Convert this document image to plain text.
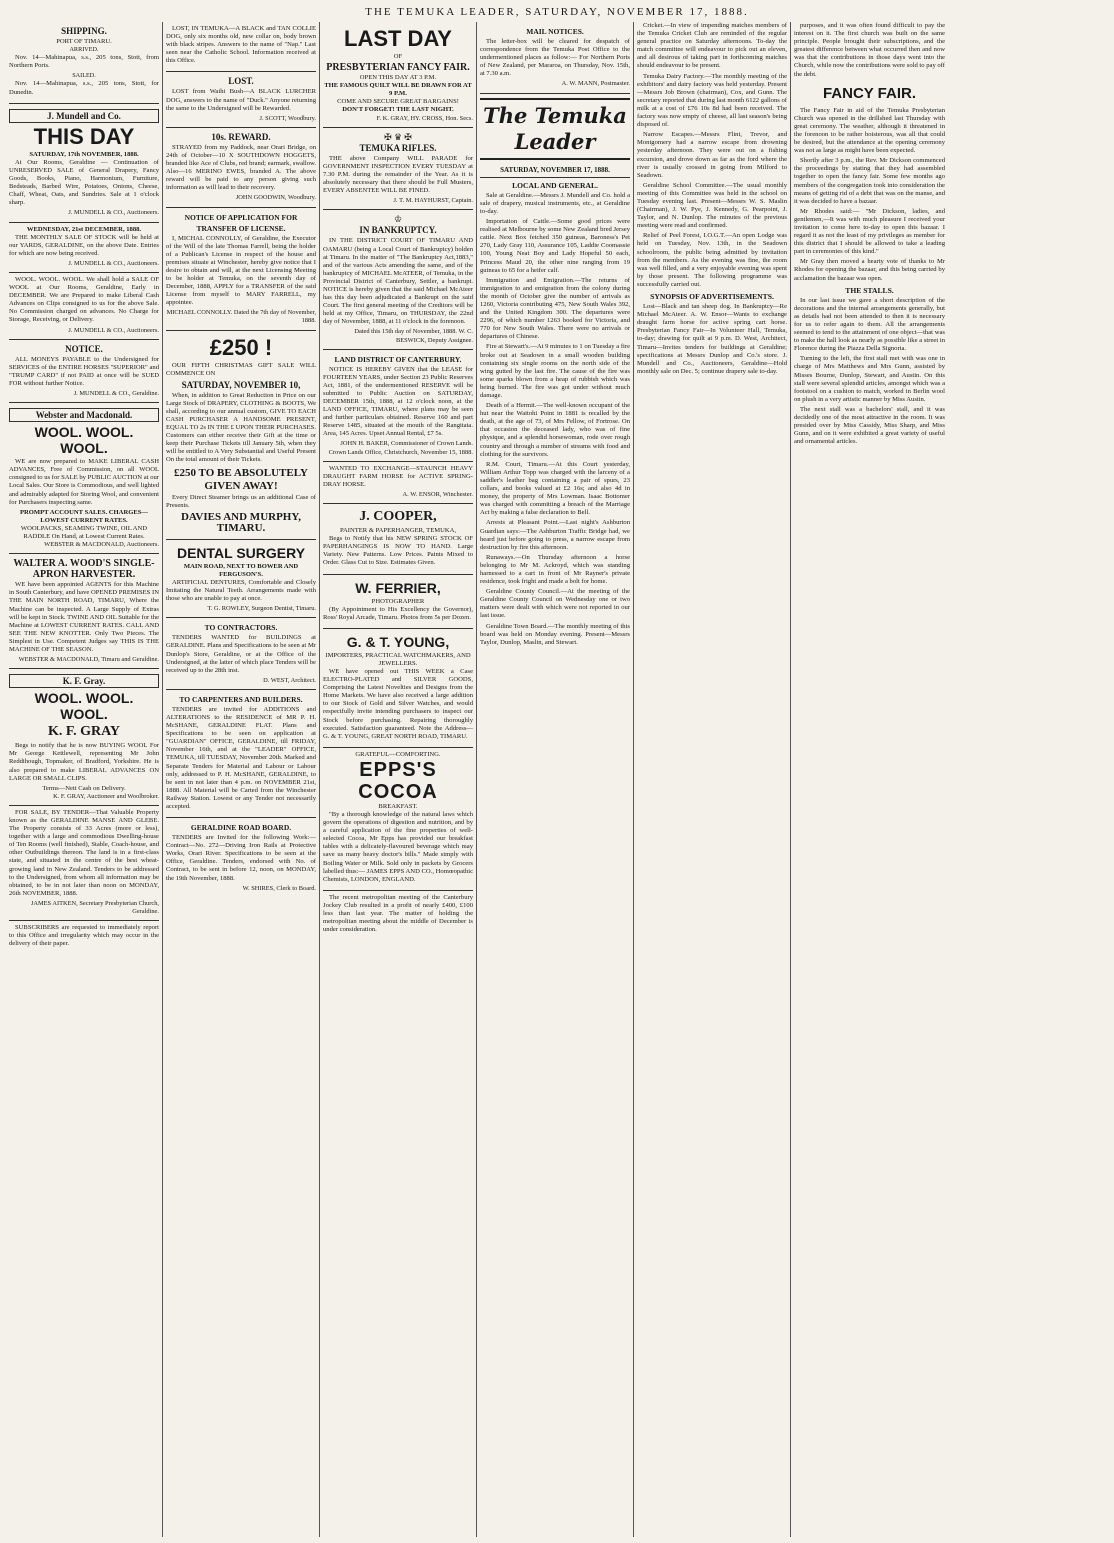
THE TEMUKA LEADER, SATURDAY, NOVEMBER 17, 1888.
SHIPPING.
PORT OF TIMARU.
ARRIVED.

Nov. 14—Mahinapua, s.s., 205 tons, Stott, from Northern Ports.

SAILED.

Nov. 14—Mahinapua, s.s., 205 tons, Stott, for Dunedin.

J. Mundell and Co.
THIS DAY
SATURDAY, 17th NOVEMBER, 1888.

At Our Rooms, Geraldine — Continuation of UNRESERVED SALE of General Drapery, Fancy Goods, Books, Piano, Harmonium, Furniture, Bedsteads, Barbed Wire, Potatoes, Onions, Cheese, Chaff, Wheat, Oats, and Sundries. Sale at 1 o'clock sharp.

J. MUNDELL & CO., Auctioneers.
WEDNESDAY, 21st DECEMBER, 1888.

THE MONTHLY SALE OF STOCK will be held at our YARDS, GERALDINE, on the above Date. Entries for which are now being received.

J. MUNDELL & CO., Auctioneers.

WOOL. WOOL. WOOL. We shall hold a SALE OF WOOL at Our Rooms, Geraldine, Early in DECEMBER. We are Prepared to make Liberal Cash Advances on Clips consigned to us for the above Sale. No Commission charged on advances. No Charge for Storage, Receiving, or Delivery.

J. MUNDELL & CO., Auctioneers.
NOTICE.

ALL MONEYS PAYABLE to the Undersigned for SERVICES of the ENTIRE HORSES "SUPERIOR" and "TRUMP CARD" if not PAID at once will be SUED FOR without further Notice.

J. MUNDELL & CO., Geraldine.
Webster and Macdonald.
WOOL. WOOL. WOOL.

WE are now prepared to MAKE LIBERAL CASH ADVANCES, Free of Commission, on all WOOL consigned to us for SALE by PUBLIC AUCTION at our Local Sales. Our Store is Commodious, and well lighted and admirably adapted for Storing Wool, and convenient for Purchasers inspecting same.

PROMPT ACCOUNT SALES. CHARGES—LOWEST CURRENT RATES.
WOOLPACKS, SEAMING TWINE, OIL AND RADDLE On Hand, at Lowest Current Rates.
WEBSTER & MACDONALD, Auctioneers.
WALTER A. WOOD'S SINGLE-APRON HARVESTER.

WE have been appointed AGENTS for this Machine in South Canterbury, and have OPENED PREMISES IN THE MAIN NORTH ROAD, TIMARU, Where the Machine can be inspected. A Large Supply of Extras will be kept in Stock. TWINE AND OIL Suitable for the Machine at LOWEST CURRENT RATES. CALL AND SEE THE NEW KNOTTER. Only Two Pieces. The Simplest in Use. Competent Judges say THIS IS THE MACHINE OF THE SEASON.

WEBSTER & MACDONALD, Timaru and Geraldine.
K. F. Gray.
WOOL. WOOL. WOOL.
K. F. GRAY

Begs to notify that he is now BUYING WOOL For Mr George Kettlewell, representing Mr John Reddihough, Topmaker, of Bradford, Yorkshire. He is also prepared to make LIBERAL ADVANCES ON LARGE OR SMALL CLIPS.

Terms—Nett Cash on Delivery.
K. F. GRAY, Auctioneer and Woolbroker.

FOR SALE, BY TENDER—That Valuable Property known as the GERALDINE MANSE AND GLEBE. The Property consists of 33 Acres (more or less), together with a large and commodious Dwelling-house of Ten Rooms (well finished), Stable, Coach-house, and other Outbuildings thereon. The land is in a first-class state, and situated in the centre of the best wheat-growing land in New Zealand. Tenders to be addressed to the Undersigned, from whom all information may be obtained, to be in not later than noon on MONDAY, 26th NOVEMBER, 1888.

JAMES AITKEN, Secretary Presbyterian Church, Geraldine.

SUBSCRIBERS are requested to immediately report to this Office and irregularity which may occur in the delivery of their paper.

LOST, IN TEMUKA—A BLACK and TAN COLLIE DOG, only six months old, new collar on, body brown with black stripes. Answers to the name of "Nap." Last seen near the Catholic School. Information received at this Office.

LOST.

LOST from Waihi Bush—A BLACK LURCHER DOG, answers to the name of "Duck." Anyone returning the same to the Undersigned will be Rewarded.

J. SCOTT, Woodbury.
10s. REWARD.

STRAYED from my Paddock, near Orari Bridge, on 24th of October—10 X SOUTHDOWN HOGGETS, branded like Ace of Clubs, red brand; earmark, swallow. Also—16 MERINO EWES, branded A. The above reward will be paid to any person giving such information as will lead to their recovery.

JOHN GOODWIN, Woodbury.
NOTICE OF APPLICATION FOR TRANSFER OF LICENSE.

I, MICHAL CONNOLLY, of Geraldine, the Executor of the Will of the late Thomas Farrell, being the holder of a Publican's License in respect of the house and premises situate at Winchester, hereby give notice that I desire to obtain and will, at the next Licensing Meeting to be holder at Temuka, on the seventh day of December, 1888, APPLY for a TRANSFER of the said License from myself to MARY FARRELL, my appointee.

MICHAEL CONNOLLY. Dated the 7th day of November, 1888.
£250 !

OUR FIFTH CHRISTMAS GIFT SALE WILL COMMENCE ON

SATURDAY, NOVEMBER 10,

When, in addition to Great Reduction in Price on our Large Stock of DRAPERY, CLOTHING & BOOTS, We shall, according to our annual custom, GIVE TO EACH CASH PURCHASER A HANDSOME PRESENT, EQUAL TO 2s IN THE £ UPON THEIR PURCHASES. Customers can either receive their Gift at the time or keep their Purchase Tickets till January 5th, when they will be entitled to A Very Substantial and Useful Present On the total amount of their Tickets.

£250 TO BE ABSOLUTELY GIVEN AWAY!

Every Direct Steamer brings us an additional Case of Presents.

DAVIES AND MURPHY, TIMARU.
DENTAL SURGERY
MAIN ROAD, NEXT TO BOWER AND FERGUSON'S.

ARTIFICIAL DENTURES, Comfortable and Closely Imitating the Natural Teeth. Arrangements made with those who are unable to pay at once.

T. G. ROWLEY, Surgeon Dentist, Timaru.
TO CONTRACTORS.

TENDERS WANTED for BUILDINGS at GERALDINE. Plans and Specifications to be seen at Mr Dunlop's Store, Geraldine, or at the Office of the Undersigned, at the latter of which place Tenders will be received up to the 28th inst.

D. WEST, Architect.
TO CARPENTERS AND BUILDERS.

TENDERS are invited for ADDITIONS and ALTERATIONS to the RESIDENCE of MR P. H. McSHANE, GERALDINE FLAT. Plans and Specifications to be seen on application at "GUARDIAN" OFFICE, GERALDINE, till FRIDAY, November 16th, and at the "LEADER" OFFICE, TEMUKA, till TUESDAY, November 20th. Marked and Separate Tenders for Material and Labour or Labour only, addressed to P. H. McSHANE, GERALDINE, to be sent in not later than 4 p.m. on NOVEMBER 21st, 1888. All Material will be Carted from the Winchester Railway Station. Lowest or any Tender not necessarily accepted.

GERALDINE ROAD BOARD.

TENDERS are Invited for the following Work:— Contract—No. 272—Driving Iron Rails at Protective Works, Orari River. Specifications to be seen at the Office, Geraldine. Tenders, endorsed with No. of Contract, to be sent in before 12, noon, on MONDAY, the 19th November, 1888.

W. SHIRES, Clerk to Board.
LAST DAY
OF
PRESBYTERIAN FANCY FAIR.
OPEN THIS DAY AT 3 P.M.
THE FAMOUS QUILT WILL BE DRAWN FOR AT 9 P.M.
COME AND SECURE GREAT BARGAINS!
DON'T FORGET! THE LAST NIGHT.
F. K. GRAY, HY. CROSS, Hon. Secs.
✠ ♛ ✠
TEMUKA RIFLES.

THE above Company WILL PARADE for GOVERNMENT INSPECTION EVERY TUESDAY at 7.30 P.M. during the remainder of the Year. As it is absolutely necessary that there should be Full Musters, EVERY ABSENTEE WILL BE FINED.

J. T. M. HAYHURST, Captain.
♔
IN BANKRUPTCY.

IN THE DISTRICT COURT OF TIMARU AND OAMARU (being a Local Court of Bankruptcy) holden at Timaru. In the matter of "The Bankruptcy Act,1883," and of the various Acts amending the same, and of the bankruptcy of MICHAEL McATEER, of Temuka, in the Provincial District of Canterbury, Settler, a bankrupt. NOTICE is hereby given that the said Michael McAteer has this day been adjudicated a Bankrupt on the said Court. The first general meeting of the Creditors will be held at my Office, Timaru, on THURSDAY, the 22nd day of November, 1888, at 11 o'clock in the forenoon.

Dated this 15th day of November, 1888. W. C. BESWICK, Deputy Assignee.
LAND DISTRICT OF CANTERBURY.

NOTICE IS HEREBY GIVEN that the LEASE for FOURTEEN YEARS, under Section 23 Public Reserves Act, 1881, of the undermentioned RESERVE will be submitted to Public Auction on SATURDAY, DECEMBER 15th, 1888, at 12 o'clock noon, at the LAND OFFICE, TIMARU, where plans may be seen and further particulars obtained. Reserve 160 and part Reserve 1485, situated at the mouth of the Rangitata. Area, 145 Acres. Upset Annual Rental, £7 5s.

JOHN H. BAKER, Commissioner of Crown Lands. Crown Lands Office, Christchurch, November 15, 1888.

WANTED TO EXCHANGE—STAUNCH HEAVY DRAUGHT FARM HORSE for ACTIVE SPRING-DRAY HORSE.

A. W. ENSOR, Winchester.
J. COOPER,
PAINTER & PAPERHANGER, TEMUKA,

Begs to Notify that his NEW SPRING STOCK OF PAPERHANGINGS IS NOW TO HAND. Large Variety. New Patterns. Low Prices. Paints Mixed to Order. Glass Cut to Size. Estimates Given.

W. FERRIER,
PHOTOGRAPHER

(By Appointment to His Excellency the Governor), Ross' Royal Arcade, Timaru. Photos from 5s per Dozen.

G. & T. YOUNG,
IMPORTERS, PRACTICAL WATCHMAKERS, AND JEWELLERS.

WE have opened out THIS WEEK a Case ELECTRO-PLATED and SILVER GOODS, Comprising the Latest Novelties and Designs from the Home Markets. We have also received a large addition to our Stock of Gold and Silver Watches, and would respectfully invite intending purchasers to inspect our Stock before purchasing. Repairing thoroughly executed. Satisfaction guaranteed. Note the Address— G. & T. YOUNG, GREAT NORTH ROAD, TIMARU.

GRATEFUL—COMFORTING.
EPPS'S COCOA
BREAKFAST.

"By a thorough knowledge of the natural laws which govern the operations of digestion and nutrition, and by a careful application of the fine properties of well-selected Cocoa, Mr Epps has provided our breakfast tables with a delicately-flavoured beverage which may save us many heavy doctor's bills." Made simply with Boiling Water or Milk. Sold only in packets by Grocers labelled thus:— JAMES EPPS AND CO., Homœopathic Chemists, LONDON, ENGLAND.

The recent metropolitan meeting of the Canterbury Jockey Club resulted in a profit of nearly £400, £100 less than last year. The matter of holding the metropolitan meeting about the middle of December is under consideration.

MAIL NOTICES.

The letter-box will be cleared for despatch of correspondence from the Temuka Post Office to the undermentioned places as follow:— For Northern Ports of New Zealand, per Mararoa, on Thursday, Nov. 15th, at 7.30 a.m.

A. W. MANN, Postmaster.
The Temuka Leader
SATURDAY, NOVEMBER 17, 1888.
LOCAL AND GENERAL.

Sale at Geraldine.—Messrs J. Mundell and Co. hold a sale of drapery, musical instruments, etc., at Geraldine to-day.

Importation of Cattle.—Some good prices were realised at Melbourne by some New Zealand bred Jersey cattle. Next Box fetched 350 guineas, Baroness's Pet 270, Lady Gray 110, Assurance 105, Laddie Coomassie 100, Young Neat Boy and Lady Hopeful 50 each, Princess Maud 20, the other nine ranging from 19 guineas to 65 for a heifer calf.

Immigration and Emigration.—The returns of immigration to and emigration from the colony during the month of October give the number of arrivals as 1260, Victoria contributing 475, New South Wales 392, and the United Kingdom 300. The departures were 2296, of which number 1263 booked for Victoria, and 770 for New South Wales. There were no arrivals or departures of Chinese.

Fire at Stewart's.—At 9 minutes to 1 on Tuesday a fire broke out at Seadown in a small wooden building containing six single rooms on the north side of the wing gutted by the last fire. The cause of the fire was some sparks blown from a heap of rubbish which was being burned. The fire was got under without much damage.

Death of a Hermit.—The well-known occupant of the hut near the Waitohi Point in 1881 is recalled by the death, at the age of 73, of Mrs Fellow, of Fortrose. On that occasion the deceased lady, who was of fine physique, and a splendid horsewoman, rode over rough country and through a number of streams with food and clothing for the survivors.

R.M. Court, Timaru.—At this Court yesterday, William Arthur Topp was charged with the larceny of a saddler's leather bag containing a pair of spurs, 23 collars, and books valued at £2 16s; and also 4d in money, the property of Mrs Lowman. Isaac Bottomer was charged with committing a breach of the Marriage Act by making a false declaration to Bell.

Arrests at Pleasant Point.—Last night's Ashburton Guardian says:—The Ashburton Traffic Bridge had, we heard just before going to press, a narrow escape from destruction by fire this afternoon.

Runaways.—On Thursday afternoon a horse belonging to Mr M. Ackroyd, which was standing harnessed to a cart in front of Mr Rayner's private residence, took fright and made a bolt for home.

Geraldine County Council.—At the meeting of the Geraldine County Council on Wednesday one or two matters were dealt with which were not reported in our last issue.

Geraldine Town Board.—The monthly meeting of this board was held on Monday evening. Present—Messrs Taylor, Dunlop, Maslin, and Stewart.

Cricket.—In view of impending matches members of the Temuka Cricket Club are reminded of the regular general practice on Saturday afternoons. To-day the match committee will endeavour to pick out an eleven, and all desirous of taking part in forthcoming matches should endeavour to be present.

Temuka Dairy Factory.—The monthly meeting of the exhibitors' and dairy factory was held yesterday. Present—Messrs Job Brown (chairman), Cox, and Gunn. The secretary reported that during last month 6122 gallons of milk at a cost of £76 10s 8d had been received. The factory was now empty of cheese, all last season's being disposed of.

Narrow Escapes.—Messrs Flint, Trevor, and Montgomery had a narrow escape from drowning yesterday afternoon. They were out on a fishing excursion, and drove down as far as the ford where the river is usually crossed in going from Milford to Seadown.

Geraldine School Committee.—The usual monthly meeting of this Committee was held in the school on Tuesday evening last. Present—Messrs W. S. Maslin (Chairman), J. W. Pye, J. Kennedy, G. Pearpoint, J. Taylor, and N. Dunlop. The minutes of the previous meeting were read and confirmed.

Relief of Peel Forest, I.O.G.T.—An open Lodge was held on Tuesday, Nov. 13th, in the Seadown schoolroom, the public being admitted by invitation from the members. As the evening was fine, the room was well filled, and a very enjoyable evening was spent by those present. The following programme was successfully carried out.

SYNOPSIS OF ADVERTISEMENTS.

Lost—Black and tan sheep dog. In Bankruptcy—Re Michael McAteer. A. W. Ensor—Wants to exchange draught farm horse for active spring cart horse. Presbyterian Fancy Fair—In Volunteer Hall, Temuka, to-day; drawing for quilt at 9 p.m. D. West, Architect, Timaru—Invites tenders for buildings at Geraldine; specifications at Messrs Dunlop and Co.'s store. J. Mundell and Co., Auctioneers, Geraldine—Hold monthly sale on Dec. 5; continue drapery sale to-day.

purposes, and it was often found difficult to pay the interest on it. The first church was built on the same principle. People brought their subscriptions, and the greatest difference between what occurred then and now was that the contributions in those days went into the Church, while now the contributions were sold to pay off the debt.

FANCY FAIR.

The Fancy Fair in aid of the Temuka Presbyterian Church was opened in the drillshed last Thursday with great ceremony. The weather, although it threatened in the forenoon to be rather boisterous, was all that could be desired, but the attendance at the opening ceremony was not as large as might have been expected.

Shortly after 3 p.m., the Rev. Mr Dickson commenced the proceedings by stating that they had assembled together to open the fancy fair. Some few months ago members of the congregation took into consideration the means of getting rid of a debt that was on the manse, and it was decided to have a bazaar.

Mr Rhodes said:— "Mr Dickson, ladies, and gentlemen,—It was with much pleasure I received your invitation to come here to-day to open this bazaar. I regard it as not the least of my privileges as member for this district that I should be allowed to take a leading part in ceremonies of this kind."

Mr Gray then moved a hearty vote of thanks to Mr Rhodes for opening the bazaar, and this being carried by acclamation the bazaar was open.

THE STALLS.

In our last issue we gave a short description of the decorations and the internal arrangements generally, but as details had not been attended to then it is necessary for us to refer again to them. All the arrangements seemed to tend to the attainment of one object—that was to make the hall look as nearly as possible like a street in Florence during the Piazza Della Signoria.

Turning to the left, the first stall met with was one in charge of Mrs Matthews and Mrs Gunn, assisted by Misses Bourne, Dunlop, Stewart, and Austin. On this stall were several splendid articles, amongst which was a footstool on a cushion to match, worked in Berlin wool on plush in a very artistic manner by Miss Austin.

The next stall was a bachelors' stall, and it was decidedly one of the most attractive in the room. It was presided over by Miss Cassidy, Miss Sharp, and Miss Gunn, and on it were exhibited a great variety of useful and ornamental articles.
